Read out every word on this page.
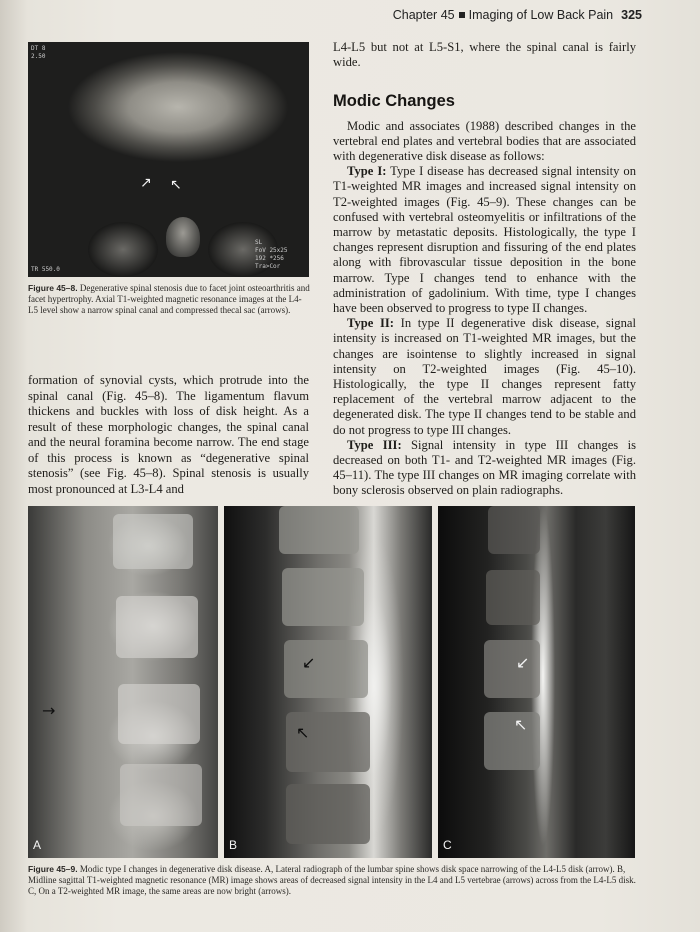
Chapter 45 Imaging of Low Back Pain 325
DT 8
2.50
↗ ↖
SL
FoV 25x25
192 *256
Tra>Cor
TR 550.0
Figure 45–8. Degenerative spinal stenosis due to facet joint osteoarthritis and facet hypertrophy. Axial T1-weighted magnetic resonance images at the L4-L5 level show a narrow spinal canal and compressed thecal sac (arrows).

formation of synovial cysts, which protrude into the spinal canal (Fig. 45–8). The ligamentum flavum thickens and buckles with loss of disk height. As a result of these morphologic changes, the spinal canal and the neural foramina become narrow. The end stage of this process is known as “degenerative spinal stenosis” (see Fig. 45–8). Spinal stenosis is usually most pronounced at L3-L4 and

L4-L5 but not at L5-S1, where the spinal canal is fairly wide.

Modic Changes

Modic and associates (1988) described changes in the vertebral end plates and vertebral bodies that are associated with degenerative disk disease as follows:

Type I: Type I disease has decreased signal intensity on T1-weighted MR images and increased signal intensity on T2-weighted images (Fig. 45–9). These changes can be confused with vertebral osteomyelitis or infiltrations of the marrow by metastatic deposits. Histologically, the type I changes represent disruption and fissuring of the end plates along with fibrovascular tissue deposition in the bone marrow. Type I changes tend to enhance with the administration of gadolinium. With time, type I changes have been observed to progress to type II changes.

Type II: In type II degenerative disk disease, signal intensity is increased on T1-weighted MR images, but the changes are isointense to slightly increased in signal intensity on T2-weighted images (Fig. 45–10). Histologically, the type II changes represent fatty replacement of the vertebral marrow adjacent to the degenerated disk. The type II changes tend to be stable and do not progress to type III changes.

Type III: Signal intensity in type III changes is decreased on both T1- and T2-weighted MR images (Fig. 45–11). The type III changes on MR imaging correlate with bony sclerosis observed on plain radiographs.

→
A
↙
↖
B
↙
↖
C
Figure 45–9. Modic type I changes in degenerative disk disease. A, Lateral radiograph of the lumbar spine shows disk space narrowing of the L4-L5 disk (arrow). B, Midline sagittal T1-weighted magnetic resonance (MR) image shows areas of decreased signal intensity in the L4 and L5 vertebrae (arrows) across from the L4-L5 disk. C, On a T2-weighted MR image, the same areas are now bright (arrows).
